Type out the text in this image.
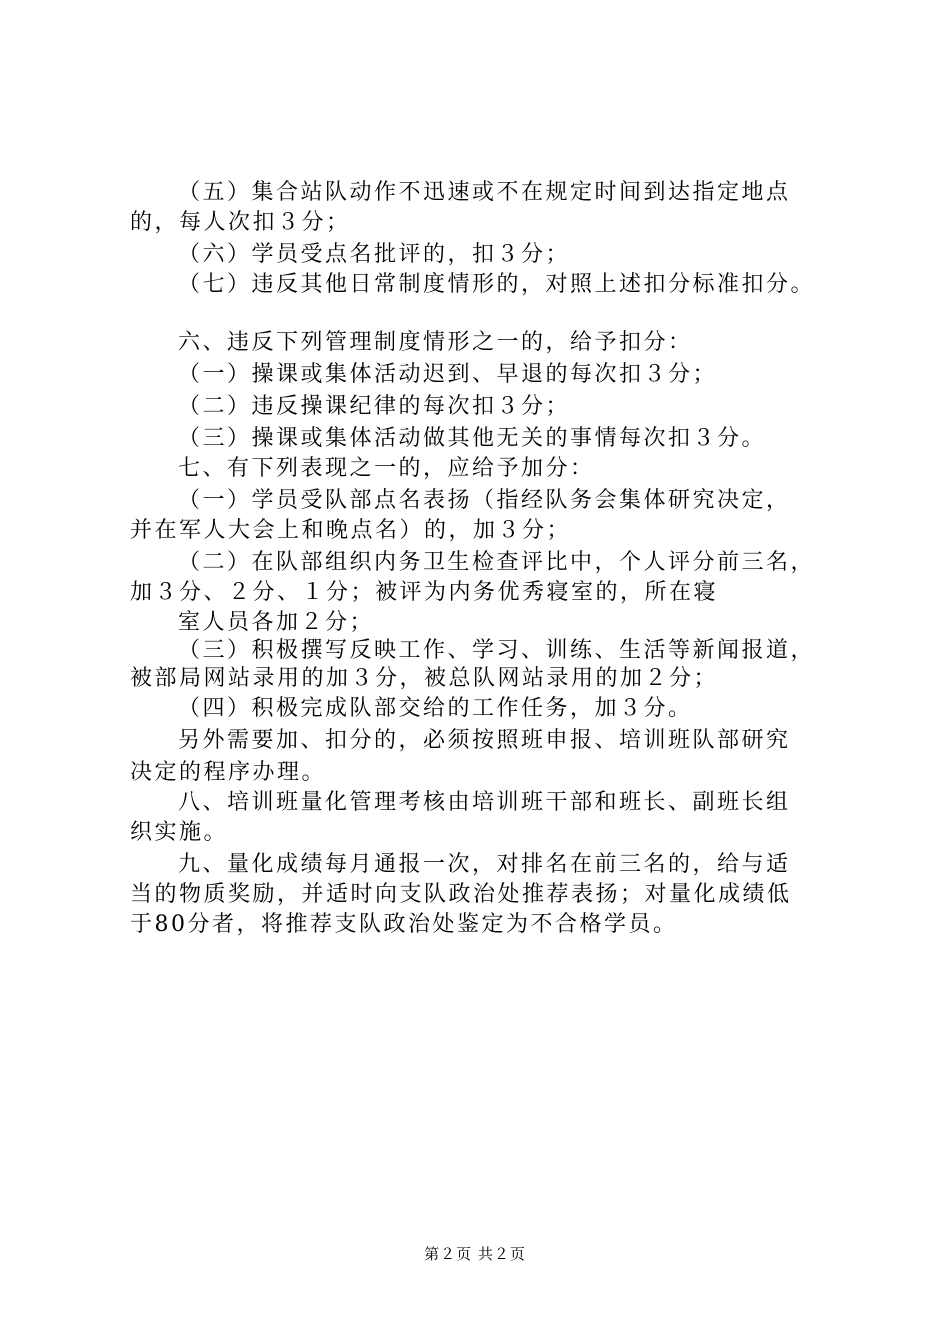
（五）集合站队动作不迅速或不在规定时间到达指定地点
的，每人次扣３分；
（六）学员受点名批评的，扣３分；
（七）违反其他日常制度情形的，对照上述扣分标准扣分。
六、违反下列管理制度情形之一的，给予扣分：
（一）操课或集体活动迟到、早退的每次扣３分；
（二）违反操课纪律的每次扣３分；
（三）操课或集体活动做其他无关的事情每次扣３分。
七、有下列表现之一的，应给予加分：
（一）学员受队部点名表扬（指经队务会集体研究决定，
并在军人大会上和晚点名）的，加３分；
（二）在队部组织内务卫生检查评比中，个人评分前三名，
加３分、２分、１分；被评为内务优秀寝室的，所在寝
室人员各加２分；
（三）积极撰写反映工作、学习、训练、生活等新闻报道，
被部局网站录用的加３分，被总队网站录用的加２分；
（四）积极完成队部交给的工作任务，加３分。
另外需要加、扣分的，必须按照班申报、培训班队部研究
决定的程序办理。
八、培训班量化管理考核由培训班干部和班长、副班长组
织实施。
九、量化成绩每月通报一次，对排名在前三名的，给与适
当的物质奖励，并适时向支队政治处推荐表扬；对量化成绩低
于80分者，将推荐支队政治处鉴定为不合格学员。
第２页 共２页
